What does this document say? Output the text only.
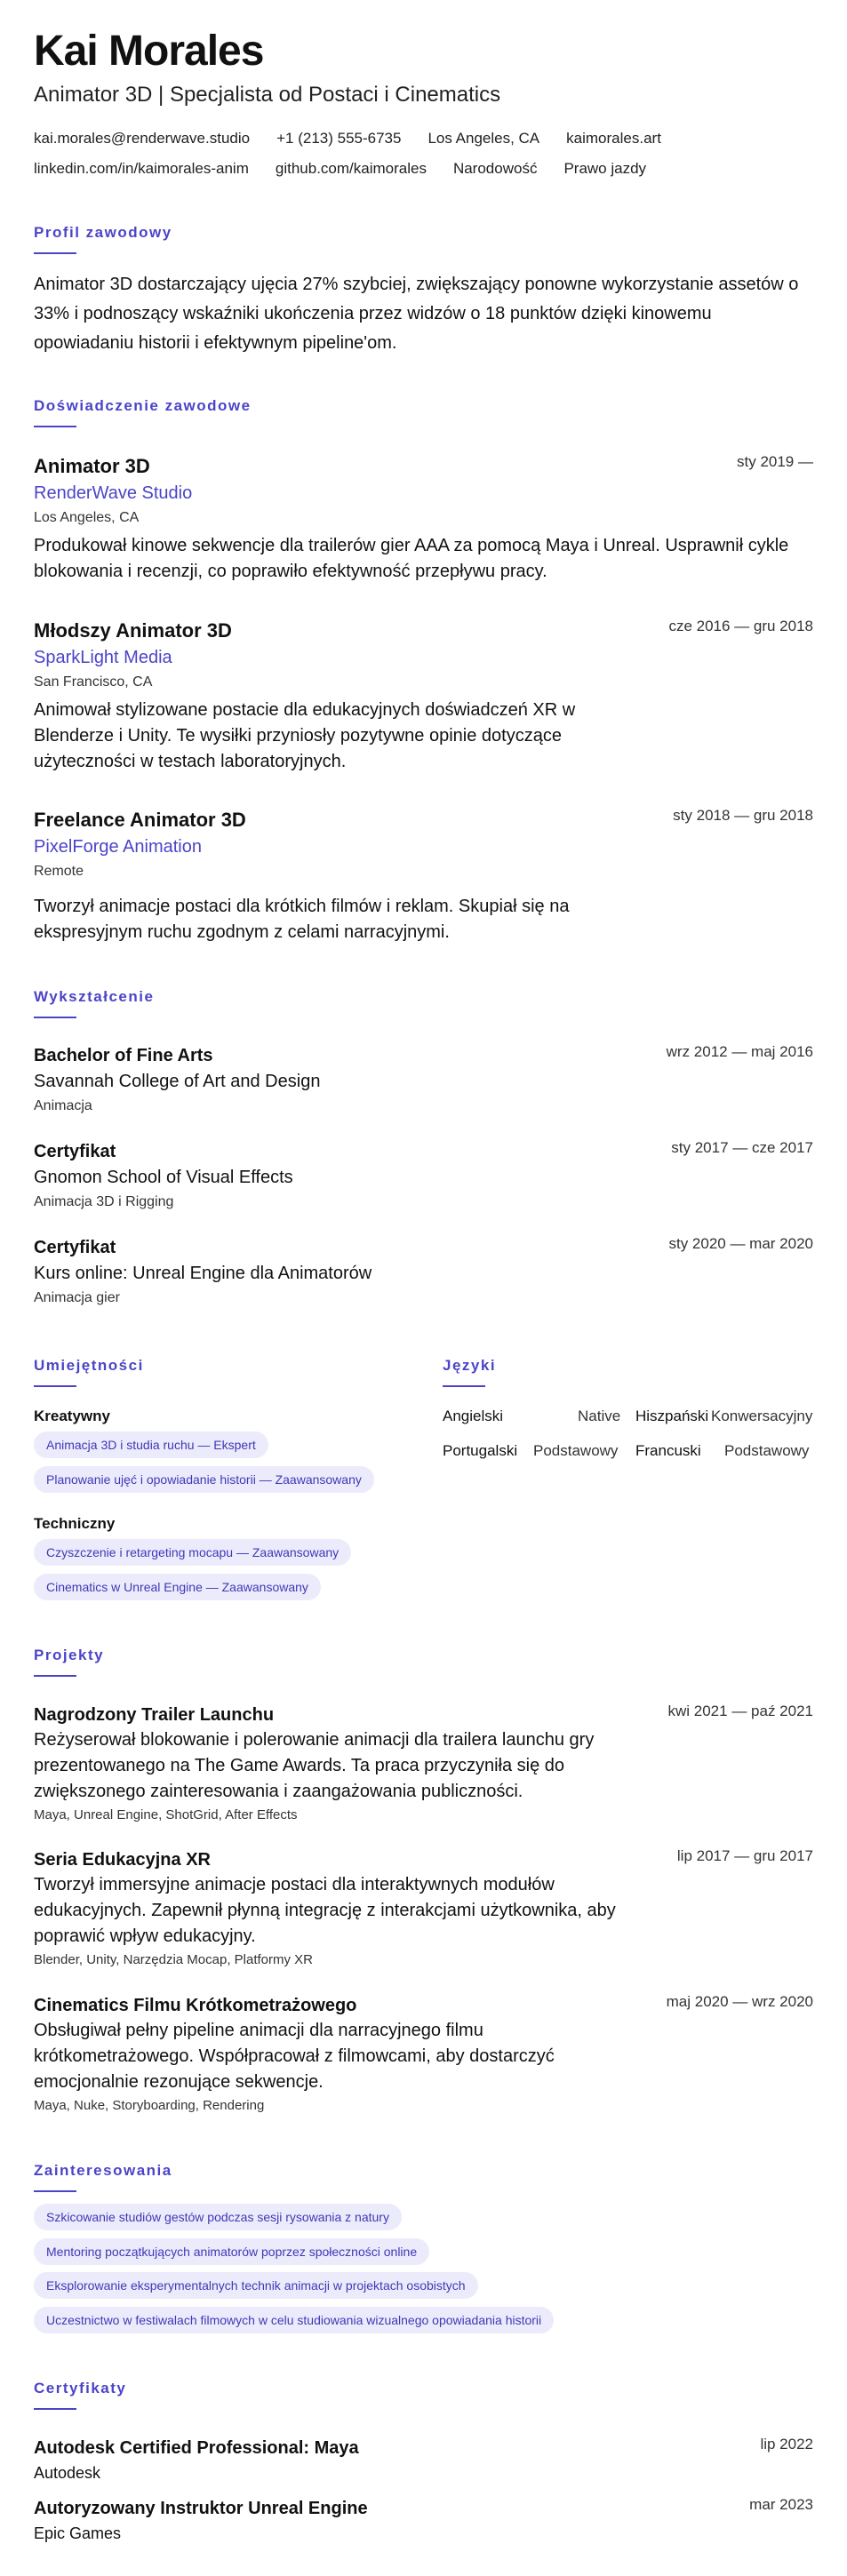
Kai Morales
Animator 3D | Specjalista od Postaci i Cinematics
kai.morales@renderwave.studio +1 (213) 555-6735 Los Angeles, CA kaimorales.art
linkedin.com/in/kaimorales-anim github.com/kaimorales Narodowość Prawo jazdy
Profil zawodowy
Animator 3D dostarczający ujęcia 27% szybciej, zwiększający ponowne wykorzystanie assetów o 33% i podnoszący wskaźniki ukończenia przez widzów o 18 punktów dzięki kinowemu opowiadaniu historii i efektywnym pipeline'om.
Doświadczenie zawodowe
sty 2019 —
Animator 3D
RenderWave Studio
Los Angeles, CA
Produkował kinowe sekwencje dla trailerów gier AAA za pomocą Maya i Unreal. Usprawnił cykle blokowania i recenzji, co poprawiło efektywność przepływu pracy.
cze 2016 — gru 2018
Młodszy Animator 3D
SparkLight Media
San Francisco, CA
Animował stylizowane postacie dla edukacyjnych doświadczeń XR w Blenderze i Unity. Te wysiłki przyniosły pozytywne opinie dotyczące użyteczności w testach laboratoryjnych.
sty 2018 — gru 2018
Freelance Animator 3D
PixelForge Animation
Remote
Tworzył animacje postaci dla krótkich filmów i reklam. Skupiał się na ekspresyjnym ruchu zgodnym z celami narracyjnymi.
Wykształcenie
wrz 2012 — maj 2016
Bachelor of Fine Arts
Savannah College of Art and Design
Animacja
sty 2017 — cze 2017
Certyfikat
Gnomon School of Visual Effects
Animacja 3D i Rigging
sty 2020 — mar 2020
Certyfikat
Kurs online: Unreal Engine dla Animatorów
Animacja gier
Umiejętności
Kreatywny
Animacja 3D i studia ruchu — Ekspert
Planowanie ujęć i opowiadanie historii — Zaawansowany
Techniczny
Czyszczenie i retargeting mocapu — Zaawansowany
Cinematics w Unreal Engine — Zaawansowany
Języki
Angielski	Native Hiszpański Konwersacyjny
Portugalski Podstawowy Francuski Podstawowy
Projekty
kwi 2021 — paź 2021
Nagrodzony Trailer Launchu
Reżyserował blokowanie i polerowanie animacji dla trailera launchu gry prezentowanego na The Game Awards. Ta praca przyczyniła się do zwiększonego zainteresowania i zaangażowania publiczności.
Maya, Unreal Engine, ShotGrid, After Effects
lip 2017 — gru 2017
Seria Edukacyjna XR
Tworzył immersyjne animacje postaci dla interaktywnych modułów edukacyjnych. Zapewnił płynną integrację z interakcjami użytkownika, aby poprawić wpływ edukacyjny.
Blender, Unity, Narzędzia Mocap, Platformy XR
maj 2020 — wrz 2020
Cinematics Filmu Krótkometrażowego
Obsługiwał pełny pipeline animacji dla narracyjnego filmu krótkometrażowego. Współpracował z filmowcami, aby dostarczyć emocjonalnie rezonujące sekwencje.
Maya, Nuke, Storyboarding, Rendering
Zainteresowania
Szkicowanie studiów gestów podczas sesji rysowania z natury
Mentoring początkujących animatorów poprzez społeczności online
Eksplorowanie eksperymentalnych technik animacji w projektach osobistych
Uczestnictwo w festiwalach filmowych w celu studiowania wizualnego opowiadania historii
Certyfikaty
lip 2022
Autodesk Certified Professional: Maya
Autodesk
mar 2023
Autoryzowany Instruktor Unreal Engine
Epic Games
